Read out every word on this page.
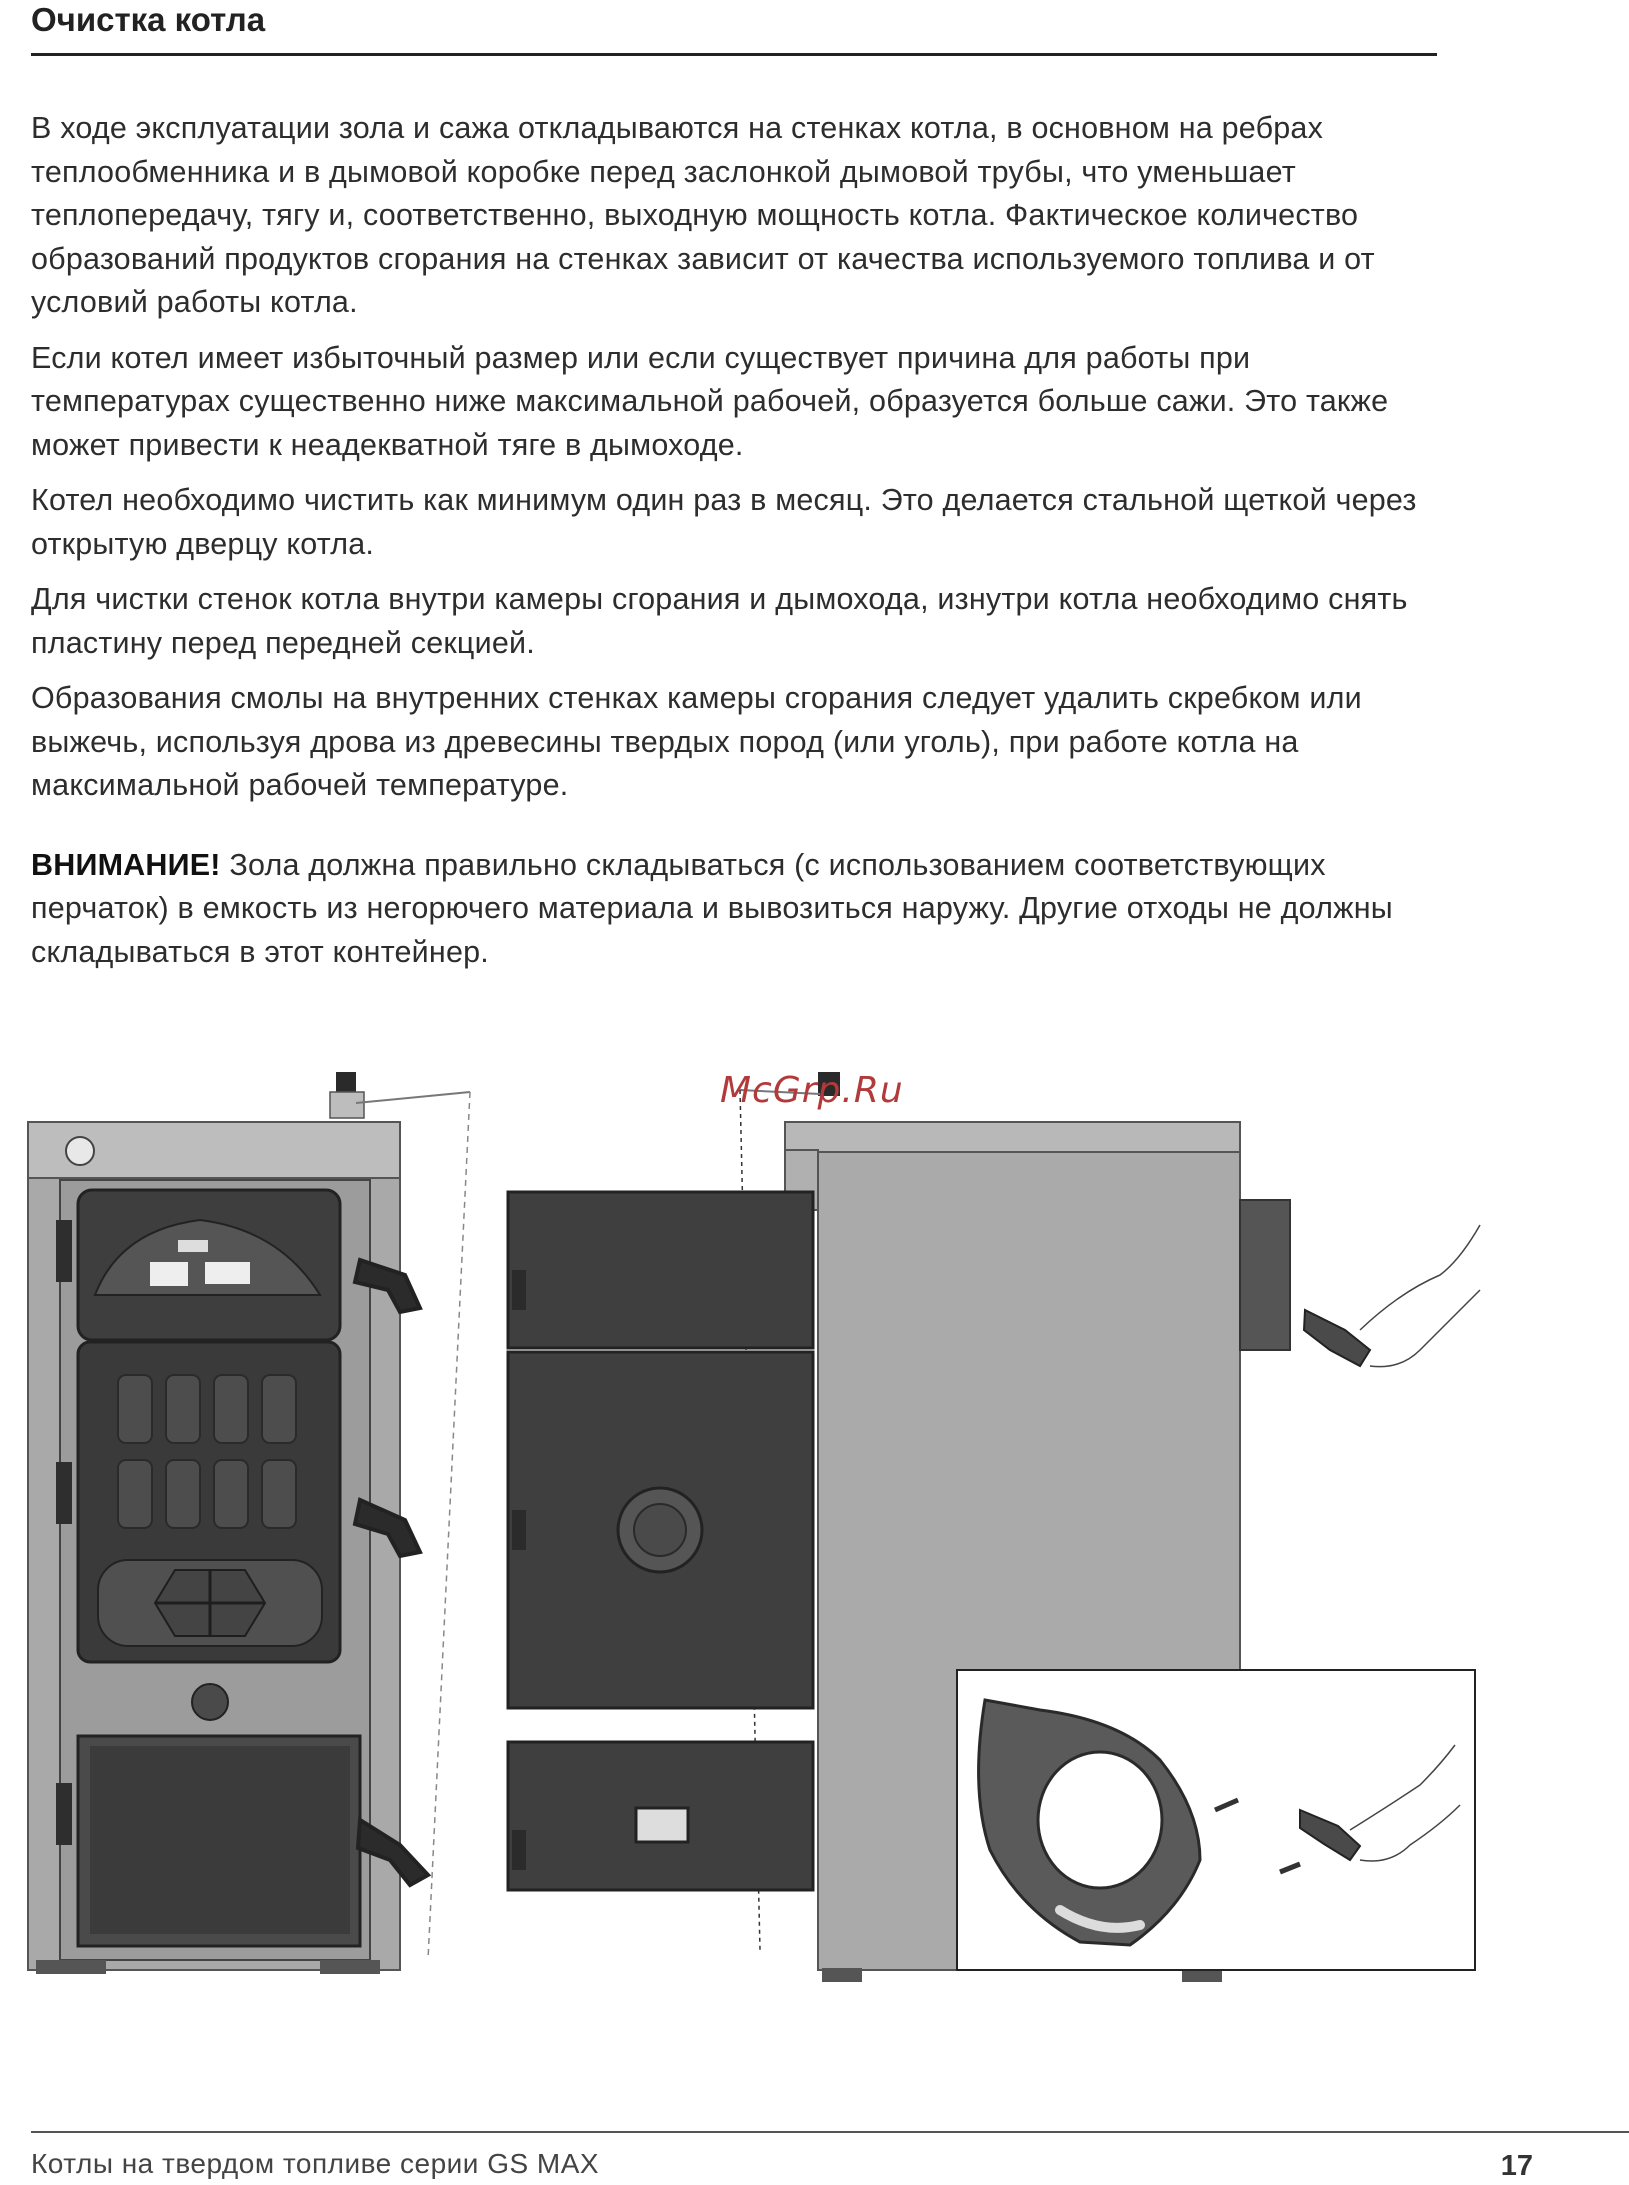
Очистка котла

В ходе эксплуатации зола и сажа откладываются на стенках котла, в основном на ребрах теплообменника и в дымовой коробке перед заслонкой дымовой трубы, что уменьшает теплопередачу, тягу и, соответственно, выходную мощность котла. Фактическое количество образований продуктов сгорания на стенках зависит от качества используемого топлива и от условий работы котла.

Если котел имеет избыточный размер или если существует причина для работы при температурах существенно ниже максимальной рабочей, образуется больше сажи. Это также может привести к неадекватной тяге в дымоходе.

Котел необходимо чистить как минимум один раз в месяц. Это делается стальной щеткой через открытую дверцу котла.

Для чистки стенок котла внутри камеры сгорания и дымохода, изнутри котла необходимо снять пластину перед передней секцией.

Образования смолы на внутренних стенках камеры сгорания следует удалить скребком или выжечь, используя дрова из древесины твердых пород (или уголь), при работе котла на максимальной рабочей температуре.

ВНИМАНИЕ! Зола должна правильно складываться (с использованием соответствующих перчаток) в емкость из негорючего материала и вывозиться наружу. Другие отходы не должны складываться в этот контейнер.

McGrp.Ru
Котлы на твердом топливе серии GS MAX	17
